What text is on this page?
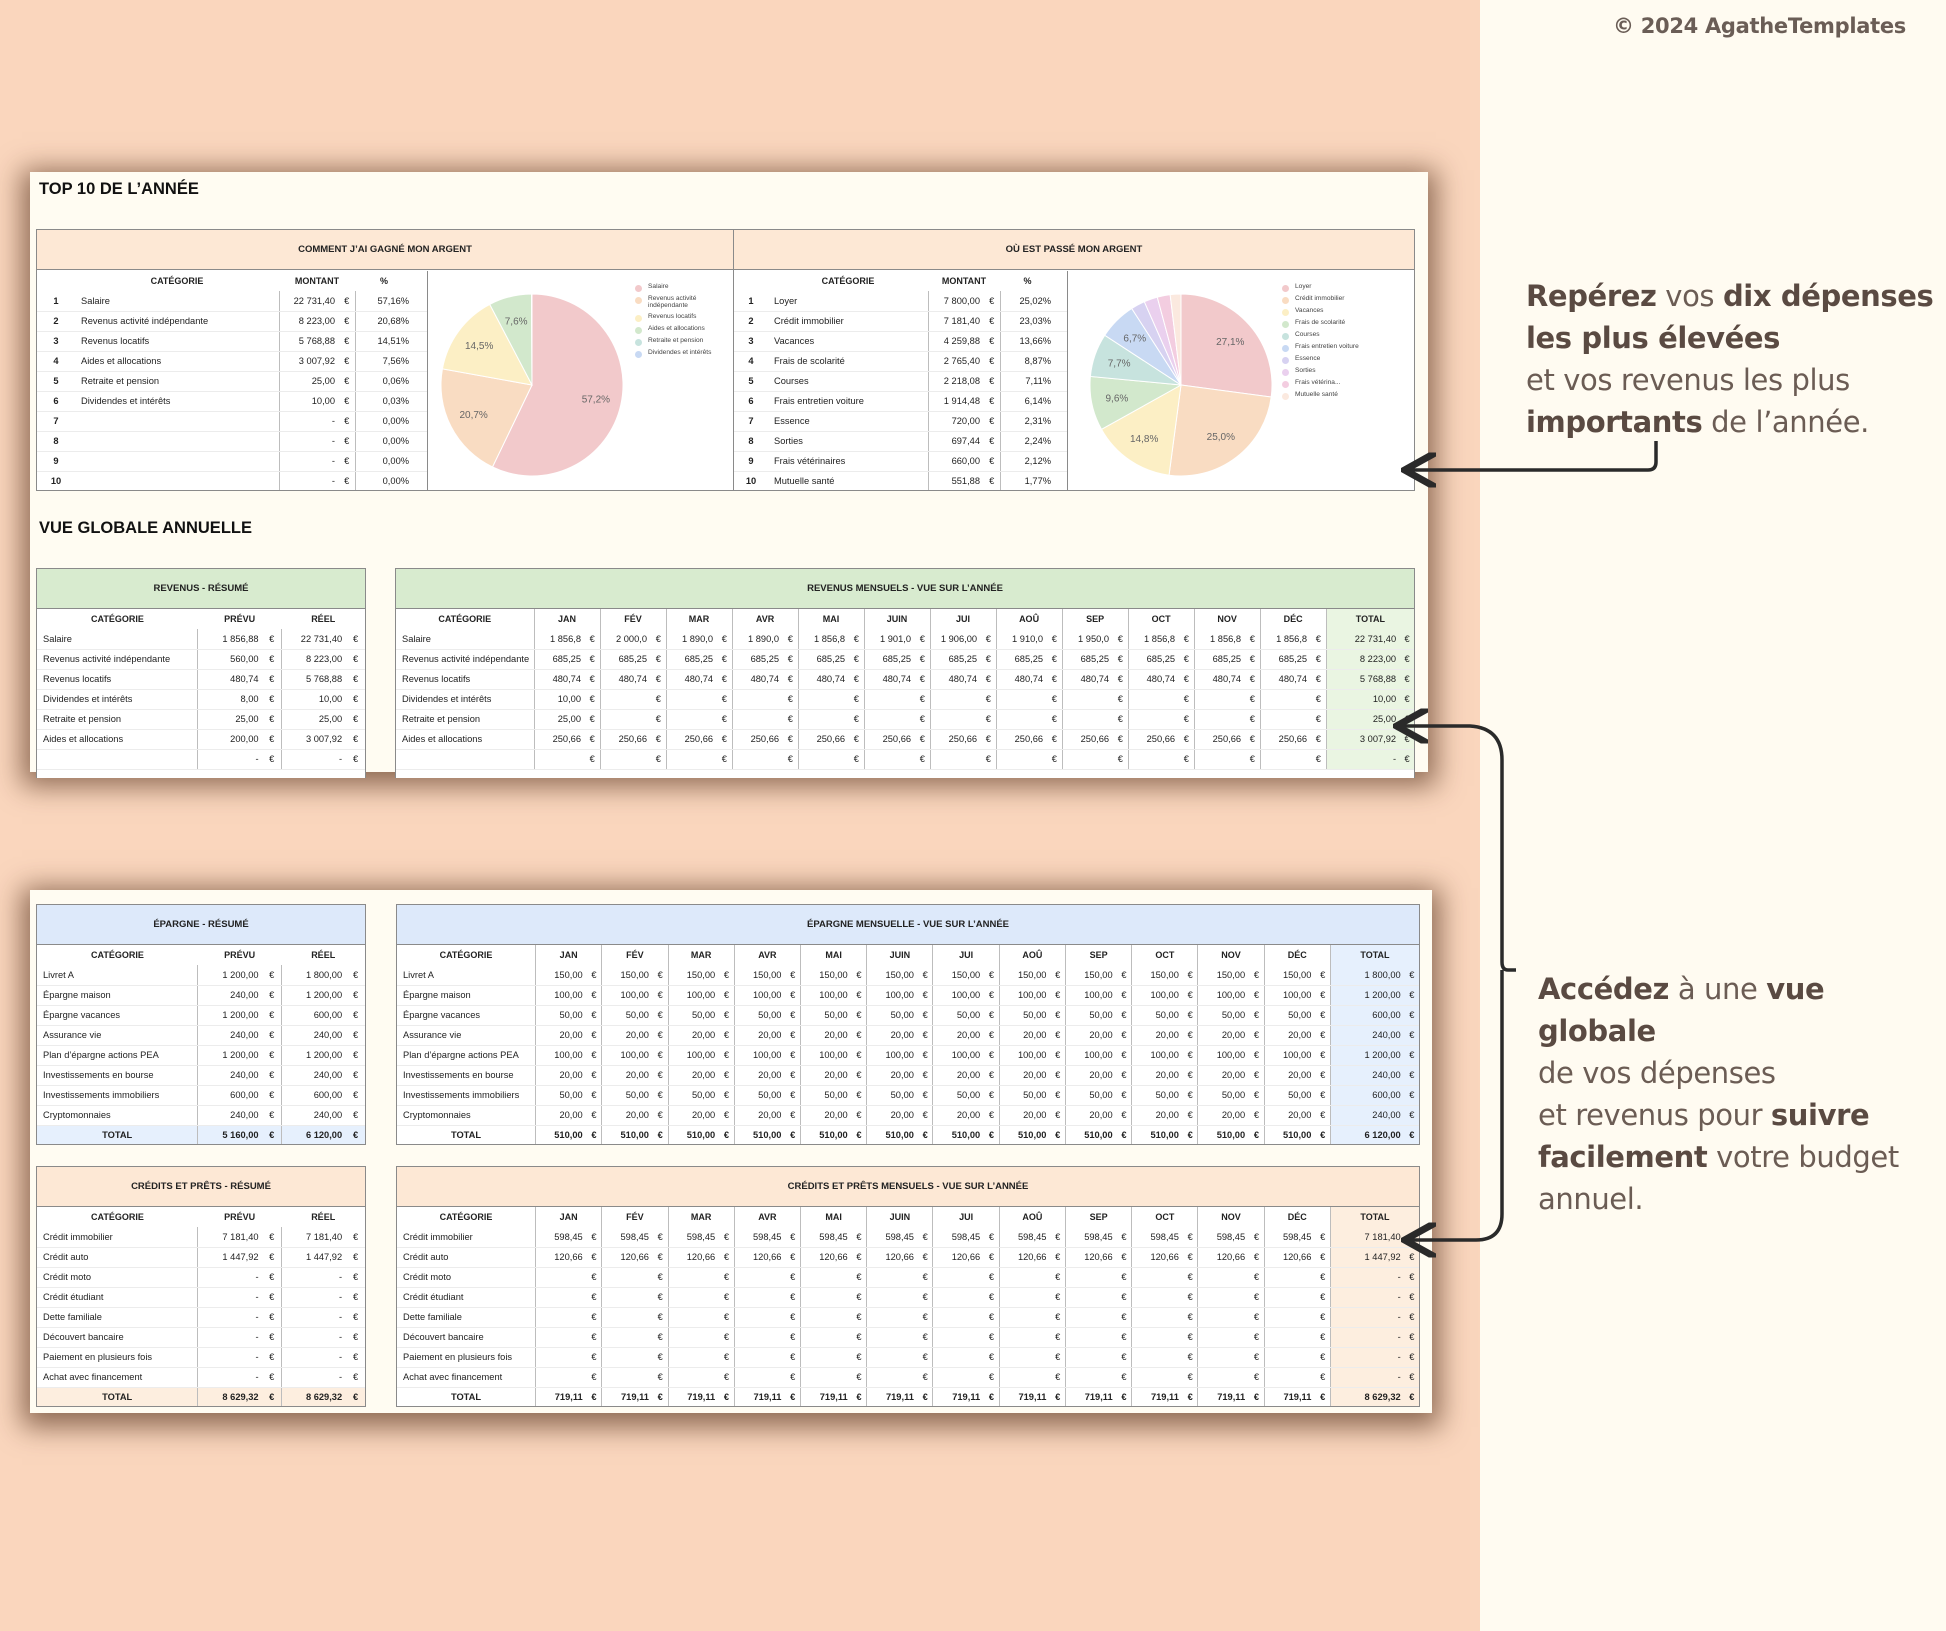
© 2024 AgatheTemplates
TOP 10 DE L’ANNÉE
COMMENT J’AI GAGNÉ MON ARGENT
	CATÉGORIE	MONTANT		%	
1	Salaire	22 731,40	€	57,16%	
2	Revenus activité indépendante	8 223,00	€	20,68%	
3	Revenus locatifs	5 768,88	€	14,51%	
4	Aides et allocations	3 007,92	€	7,56%	
5	Retraite et pension	25,00	€	0,06%	
6	Dividendes et intérêts	10,00	€	0,03%	
7		-	€	0,00%	
8		-	€	0,00%	
9		-	€	0,00%	
10		-	€	0,00%	
57,2%
20,7%
14,5%
7,6%
Salaire
Revenus activité indépendante
Revenus locatifs
Aides et allocations
Retraite et pension
Dividendes et intérêts
OÙ EST PASSÉ MON ARGENT
	CATÉGORIE	MONTANT		%	
1	Loyer	7 800,00	€	25,02%	
2	Crédit immobilier	7 181,40	€	23,03%	
3	Vacances	4 259,88	€	13,66%	
4	Frais de scolarité	2 765,40	€	8,87%	
5	Courses	2 218,08	€	7,11%	
6	Frais entretien voiture	1 914,48	€	6,14%	
7	Essence	720,00	€	2,31%	
8	Sorties	697,44	€	2,24%	
9	Frais vétérinaires	660,00	€	2,12%	
10	Mutuelle santé	551,88	€	1,77%	
27,1%
25,0%
14,8%
9,6%
7,7%
6,7%
Loyer
Crédit immobilier
Vacances
Frais de scolarité
Courses
Frais entretien voiture
Essence
Sorties
Frais vétérina...
Mutuelle santé
VUE GLOBALE ANNUELLE
REVENUS - RÉSUMÉ
CATÉGORIE	PRÉVU		RÉEL	
Salaire	1 856,88	€	22 731,40	€
Revenus activité indépendante	560,00	€	8 223,00	€
Revenus locatifs	480,74	€	5 768,88	€
Dividendes et intérêts	8,00	€	10,00	€
Retraite et pension	25,00	€	25,00	€
Aides et allocations	200,00	€	3 007,92	€
	-	€	-	€
REVENUS MENSUELS - VUE SUR L’ANNÉE
CATÉGORIE	JAN		FÉV		MAR		AVR		MAI		JUIN		JUI		AOÛ		SEP		OCT		NOV		DÉC		TOTAL	
Salaire	1 856,8	€	2 000,0	€	1 890,0	€	1 890,0	€	1 856,8	€	1 901,0	€	1 906,00	€	1 910,0	€	1 950,0	€	1 856,8	€	1 856,8	€	1 856,8	€	22 731,40	€
Revenus activité indépendante	685,25	€	685,25	€	685,25	€	685,25	€	685,25	€	685,25	€	685,25	€	685,25	€	685,25	€	685,25	€	685,25	€	685,25	€	8 223,00	€
Revenus locatifs	480,74	€	480,74	€	480,74	€	480,74	€	480,74	€	480,74	€	480,74	€	480,74	€	480,74	€	480,74	€	480,74	€	480,74	€	5 768,88	€
Dividendes et intérêts	10,00	€		€		€		€		€		€		€		€		€		€		€		€	10,00	€
Retraite et pension	25,00	€		€		€		€		€		€		€		€		€		€		€		€	25,00	€
Aides et allocations	250,66	€	250,66	€	250,66	€	250,66	€	250,66	€	250,66	€	250,66	€	250,66	€	250,66	€	250,66	€	250,66	€	250,66	€	3 007,92	€
		€		€		€		€		€		€		€		€		€		€		€		€	-	€
ÉPARGNE - RÉSUMÉ
CATÉGORIE	PRÉVU		RÉEL	
Livret A	1 200,00	€	1 800,00	€
Épargne maison	240,00	€	1 200,00	€
Épargne vacances	1 200,00	€	600,00	€
Assurance vie	240,00	€	240,00	€
Plan d’épargne actions PEA	1 200,00	€	1 200,00	€
Investissements en bourse	240,00	€	240,00	€
Investissements immobiliers	600,00	€	600,00	€
Cryptomonnaies	240,00	€	240,00	€
TOTAL	5 160,00	€	6 120,00	€
ÉPARGNE MENSUELLE - VUE SUR L’ANNÉE
CATÉGORIE	JAN		FÉV		MAR		AVR		MAI		JUIN		JUI		AOÛ		SEP		OCT		NOV		DÉC		TOTAL	
Livret A	150,00	€	150,00	€	150,00	€	150,00	€	150,00	€	150,00	€	150,00	€	150,00	€	150,00	€	150,00	€	150,00	€	150,00	€	1 800,00	€
Épargne maison	100,00	€	100,00	€	100,00	€	100,00	€	100,00	€	100,00	€	100,00	€	100,00	€	100,00	€	100,00	€	100,00	€	100,00	€	1 200,00	€
Épargne vacances	50,00	€	50,00	€	50,00	€	50,00	€	50,00	€	50,00	€	50,00	€	50,00	€	50,00	€	50,00	€	50,00	€	50,00	€	600,00	€
Assurance vie	20,00	€	20,00	€	20,00	€	20,00	€	20,00	€	20,00	€	20,00	€	20,00	€	20,00	€	20,00	€	20,00	€	20,00	€	240,00	€
Plan d’épargne actions PEA	100,00	€	100,00	€	100,00	€	100,00	€	100,00	€	100,00	€	100,00	€	100,00	€	100,00	€	100,00	€	100,00	€	100,00	€	1 200,00	€
Investissements en bourse	20,00	€	20,00	€	20,00	€	20,00	€	20,00	€	20,00	€	20,00	€	20,00	€	20,00	€	20,00	€	20,00	€	20,00	€	240,00	€
Investissements immobiliers	50,00	€	50,00	€	50,00	€	50,00	€	50,00	€	50,00	€	50,00	€	50,00	€	50,00	€	50,00	€	50,00	€	50,00	€	600,00	€
Cryptomonnaies	20,00	€	20,00	€	20,00	€	20,00	€	20,00	€	20,00	€	20,00	€	20,00	€	20,00	€	20,00	€	20,00	€	20,00	€	240,00	€
TOTAL	510,00	€	510,00	€	510,00	€	510,00	€	510,00	€	510,00	€	510,00	€	510,00	€	510,00	€	510,00	€	510,00	€	510,00	€	6 120,00	€
CRÉDITS ET PRÊTS - RÉSUMÉ
CATÉGORIE	PRÉVU		RÉEL	
Crédit immobilier	7 181,40	€	7 181,40	€
Crédit auto	1 447,92	€	1 447,92	€
Crédit moto	-	€	-	€
Crédit étudiant	-	€	-	€
Dette familiale	-	€	-	€
Découvert bancaire	-	€	-	€
Paiement en plusieurs fois	-	€	-	€
Achat avec financement	-	€	-	€
TOTAL	8 629,32	€	8 629,32	€
CRÉDITS ET PRÊTS MENSUELS - VUE SUR L’ANNÉE
CATÉGORIE	JAN		FÉV		MAR		AVR		MAI		JUIN		JUI		AOÛ		SEP		OCT		NOV		DÉC		TOTAL	
Crédit immobilier	598,45	€	598,45	€	598,45	€	598,45	€	598,45	€	598,45	€	598,45	€	598,45	€	598,45	€	598,45	€	598,45	€	598,45	€	7 181,40	€
Crédit auto	120,66	€	120,66	€	120,66	€	120,66	€	120,66	€	120,66	€	120,66	€	120,66	€	120,66	€	120,66	€	120,66	€	120,66	€	1 447,92	€
Crédit moto		€		€		€		€		€		€		€		€		€		€		€		€	-	€
Crédit étudiant		€		€		€		€		€		€		€		€		€		€		€		€	-	€
Dette familiale		€		€		€		€		€		€		€		€		€		€		€		€	-	€
Découvert bancaire		€		€		€		€		€		€		€		€		€		€		€		€	-	€
Paiement en plusieurs fois		€		€		€		€		€		€		€		€		€		€		€		€	-	€
Achat avec financement		€		€		€		€		€		€		€		€		€		€		€		€	-	€
TOTAL	719,11	€	719,11	€	719,11	€	719,11	€	719,11	€	719,11	€	719,11	€	719,11	€	719,11	€	719,11	€	719,11	€	719,11	€	8 629,32	€
Repérez vos dix dépenses
les plus élevées
et vos revenus les plus
importants de l’année.
Accédez à une vue globale
de vos dépenses
et revenus pour suivre
facilement votre budget
annuel.
